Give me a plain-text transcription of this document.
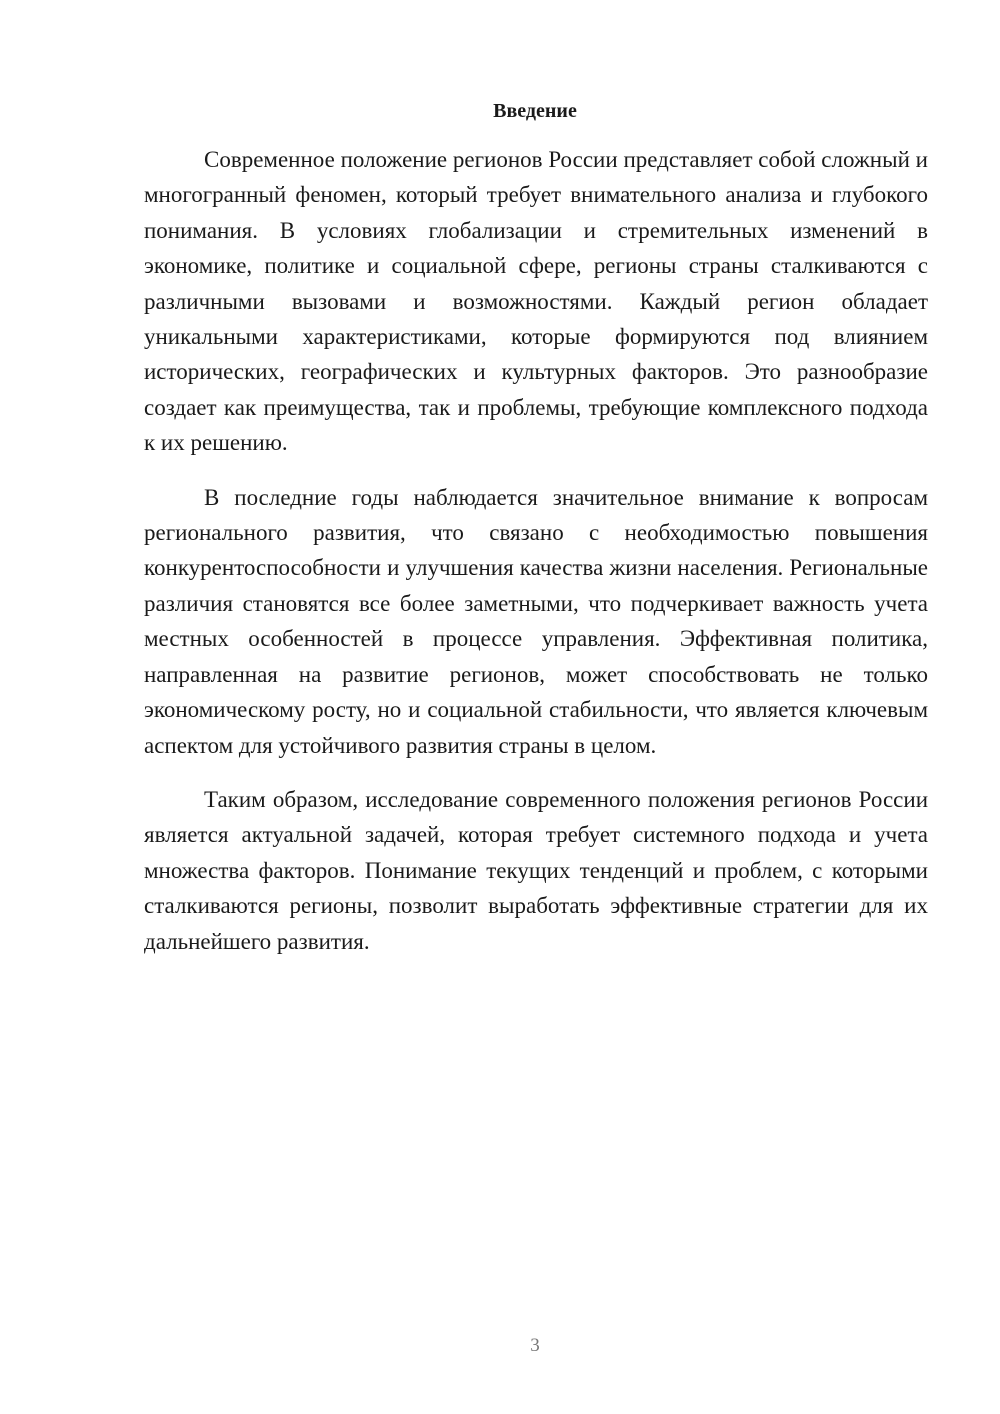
Введение

Современное положение регионов России представляет собой сложный и многогранный феномен, который требует внимательного анализа и глубокого понимания. В условиях глобализации и стремительных изменений в экономике, политике и социальной сфере, регионы страны сталкиваются с различными вызовами и возможностями. Каждый регион обладает уникальными характеристиками, которые формируются под влиянием исторических, географических и культурных факторов. Это разнообразие создает как преимущества, так и проблемы, требующие комплексного подхода к их решению.

В последние годы наблюдается значительное внимание к вопросам регионального развития, что связано с необходимостью повышения конкурентоспособности и улучшения качества жизни населения. Региональные различия становятся все более заметными, что подчеркивает важность учета местных особенностей в процессе управления. Эффективная политика, направленная на развитие регионов, может способствовать не только экономическому росту, но и социальной стабильности, что является ключевым аспектом для устойчивого развития страны в целом.

Таким образом, исследование современного положения регионов России является актуальной задачей, которая требует системного подхода и учета множества факторов. Понимание текущих тенденций и проблем, с которыми сталкиваются регионы, позволит выработать эффективные стратегии для их дальнейшего развития.

3
